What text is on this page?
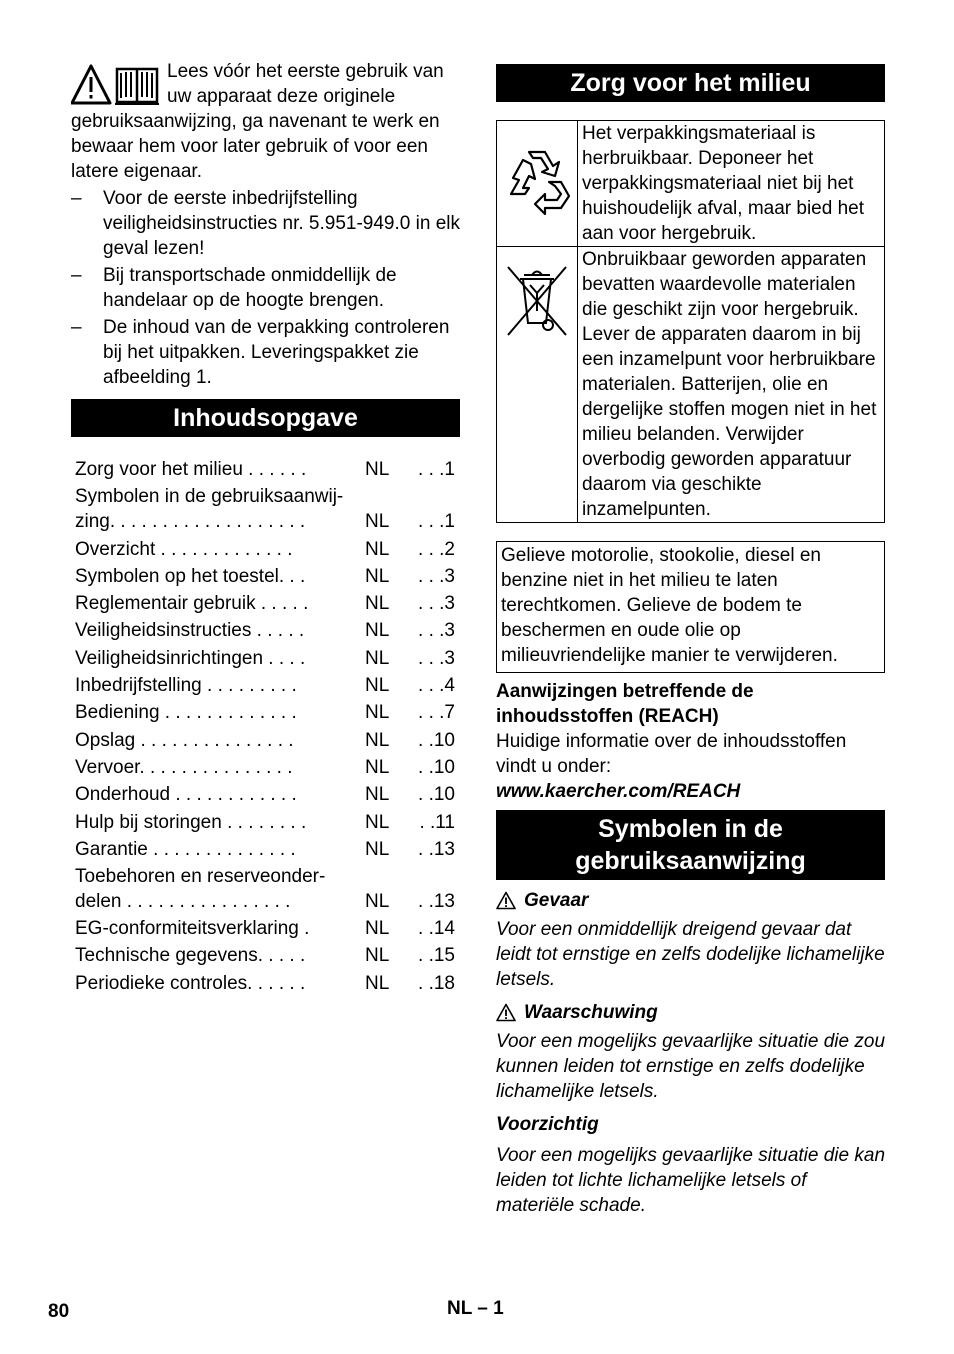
Lees vóór het eerste gebruik van uw apparaat deze originele gebruiksaanwijzing, ga navenant te werk en bewaar hem voor later gebruik of voor een latere eigenaar.

– Voor de eerste inbedrijfstelling veiligheidsinstructies nr. 5.951-949.0 in elk geval lezen!
– Bij transportschade onmiddellijk de handelaar op de hoogte brengen.
– De inhoud van de verpakking controleren bij het uitpakken. Leveringspakket zie afbeelding 1.
Inhoudsopgave
Zorg voor het milieu . . . . . .	NL	. . .1
Symbolen in de gebruiksaanwij-
zing. . . . . . . . . . . . . . . . . . .	NL	. . .1
Overzicht . . . . . . . . . . . . .	NL	. . .2
Symbolen op het toestel. . .	NL	. . .3
Reglementair gebruik . . . . .	NL	. . .3
Veiligheidsinstructies . . . . .	NL	. . .3
Veiligheidsinrichtingen . . . .	NL	. . .3
Inbedrijfstelling . . . . . . . . .	NL	. . .4
Bediening . . . . . . . . . . . . .	NL	. . .7
Opslag . . . . . . . . . . . . . . .	NL	. .10
Vervoer. . . . . . . . . . . . . . .	NL	. .10
Onderhoud . . . . . . . . . . . .	NL	. .10
Hulp bij storingen . . . . . . . .	NL	. .11
Garantie . . . . . . . . . . . . . .	NL	. .13
Toebehoren en reserveonder-
delen . . . . . . . . . . . . . . . .	NL	. .13
EG-conformiteitsverklaring .	NL	. .14
Technische gegevens. . . . .	NL	. .15
Periodieke controles. . . . . .	NL	. .18
Zorg voor het milieu
	Het verpakkingsmateriaal is herbruikbaar. Deponeer het verpakkingsmateriaal niet bij het huishoudelijk afval, maar bied het aan voor hergebruik.
	Onbruikbaar geworden apparaten bevatten waardevolle materialen die geschikt zijn voor hergebruik. Lever de apparaten daarom in bij een inzamelpunt voor herbruikbare materialen. Batterijen, olie en dergelijke stoffen mogen niet in het milieu belanden. Verwijder overbodig geworden apparatuur daarom via geschikte inzamelpunten.
Gelieve motorolie, stookolie, diesel en benzine niet in het milieu te laten terechtkomen. Gelieve de bodem te beschermen en oude olie op milieuvriendelijke manier te verwijderen.
Aanwijzingen betreffende de inhoudsstoffen (REACH)
Huidige informatie over de inhoudsstoffen vindt u onder:
www.kaercher.com/REACH
Symbolen in de gebruiksaanwijzing
Gevaar
Voor een onmiddellijk dreigend gevaar dat leidt tot ernstige en zelfs dodelijke lichamelijke letsels.
Waarschuwing
Voor een mogelijks gevaarlijke situatie die zou kunnen leiden tot ernstige en zelfs dodelijke lichamelijke letsels.
Voorzichtig
Voor een mogelijks gevaarlijke situatie die kan leiden tot lichte lichamelijke letsels of materiële schade.
80	NL – 1
